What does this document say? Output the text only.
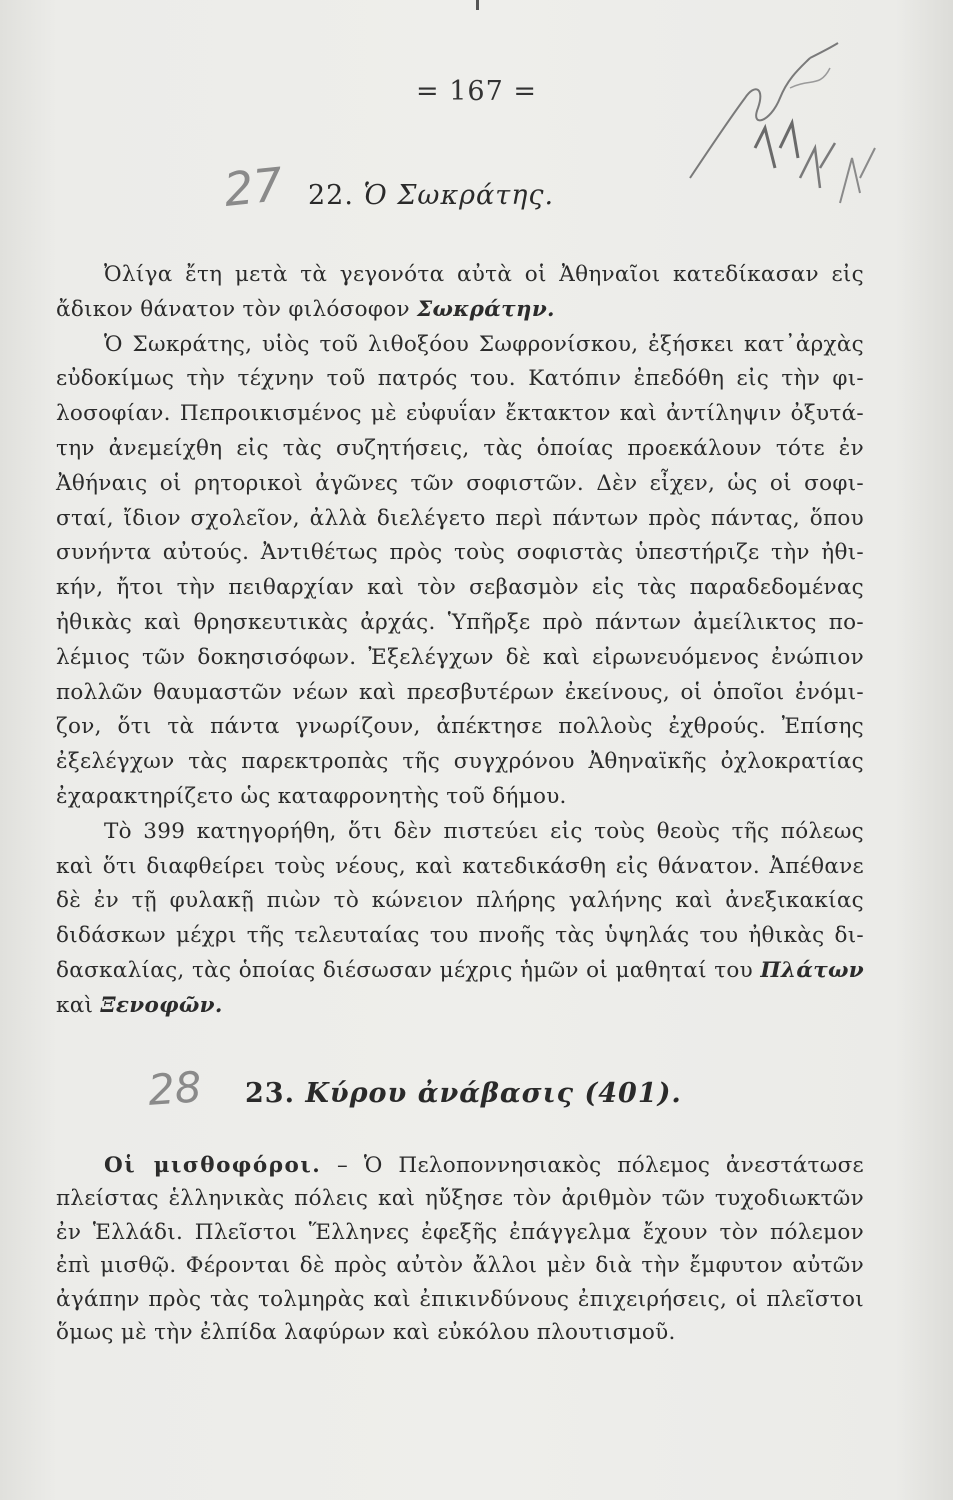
= 167 =
27 22. Ὁ Σωκράτης.
Ὀλίγα ἔτη μετὰ τὰ γεγονότα αὐτὰ οἱ Ἀθηναῖοι κατεδίκασαν εἰς
ἄδικον θάνατον τὸν φιλόσοφον Σωκράτην.
Ὁ Σωκράτης, υἱὸς τοῦ λιθοξόου Σωφρονίσκου, ἐξήσκει κατ᾽ἀρχὰς
εὐδοκίμως τὴν τέχνην τοῦ πατρός του. Κατόπιν ἐπεδόθη εἰς τὴν φι-
λοσοφίαν. Πεπροικισμένος μὲ εὐφυΐαν ἔκτακτον καὶ ἀντίληψιν ὀξυτά-
την ἀνεμείχθη εἰς τὰς συζητήσεις, τὰς ὁποίας προεκάλουν τότε ἐν
Ἀθήναις οἱ ρητορικοὶ ἀγῶνες τῶν σοφιστῶν. Δὲν εἶχεν, ὡς οἱ σοφι-
σταί, ἴδιον σχολεῖον, ἀλλὰ διελέγετο περὶ πάντων πρὸς πάντας, ὅπου
συνήντα αὐτούς. Ἀντιθέτως πρὸς τοὺς σοφιστὰς ὑπεστήριζε τὴν ἠθι-
κήν, ἤτοι τὴν πειθαρχίαν καὶ τὸν σεβασμὸν εἰς τὰς παραδεδομένας
ἠθικὰς καὶ θρησκευτικὰς ἀρχάς. Ὑπῆρξε πρὸ πάντων ἀμείλικτος πο-
λέμιος τῶν δοκησισόφων. Ἐξελέγχων δὲ καὶ εἰρωνευόμενος ἐνώπιον
πολλῶν θαυμαστῶν νέων καὶ πρεσβυτέρων ἐκείνους, οἱ ὁποῖοι ἐνόμι-
ζον, ὅτι τὰ πάντα γνωρίζουν, ἀπέκτησε πολλοὺς ἐχθρούς. Ἐπίσης
ἐξελέγχων τὰς παρεκτροπὰς τῆς συγχρόνου Ἀθηναϊκῆς ὀχλοκρατίας
ἐχαρακτηρίζετο ὡς καταφρονητὴς τοῦ δήμου.
Τὸ 399 κατηγορήθη, ὅτι δὲν πιστεύει εἰς τοὺς θεοὺς τῆς πόλεως
καὶ ὅτι διαφθείρει τοὺς νέους, καὶ κατεδικάσθη εἰς θάνατον. Ἀπέθανε
δὲ ἐν τῇ φυλακῇ πιὼν τὸ κώνειον πλήρης γαλήνης καὶ ἀνεξικακίας
διδάσκων μέχρι τῆς τελευταίας του πνοῆς τὰς ὑψηλάς του ἠθικὰς δι-
δασκαλίας, τὰς ὁποίας διέσωσαν μέχρις ἡμῶν οἱ μαθηταί του Πλάτων
καὶ Ξενοφῶν.
28 23. Κύρου ἀνάβασις (401).
Οἱ μισθοφόροι. – Ὁ Πελοποννησιακὸς πόλεμος ἀνεστάτωσε
πλείστας ἑλληνικὰς πόλεις καὶ ηὔξησε τὸν ἀριθμὸν τῶν τυχοδιωκτῶν
ἐν Ἑλλάδι. Πλεῖστοι Ἕλληνες ἐφεξῆς ἐπάγγελμα ἔχουν τὸν πόλεμον
ἐπὶ μισθῷ. Φέρονται δὲ πρὸς αὐτὸν ἄλλοι μὲν διὰ τὴν ἔμφυτον αὐτῶν
ἀγάπην πρὸς τὰς τολμηρὰς καὶ ἐπικινδύνους ἐπιχειρήσεις, οἱ πλεῖστοι
ὅμως μὲ τὴν ἐλπίδα λαφύρων καὶ εὐκόλου πλουτισμοῦ.
